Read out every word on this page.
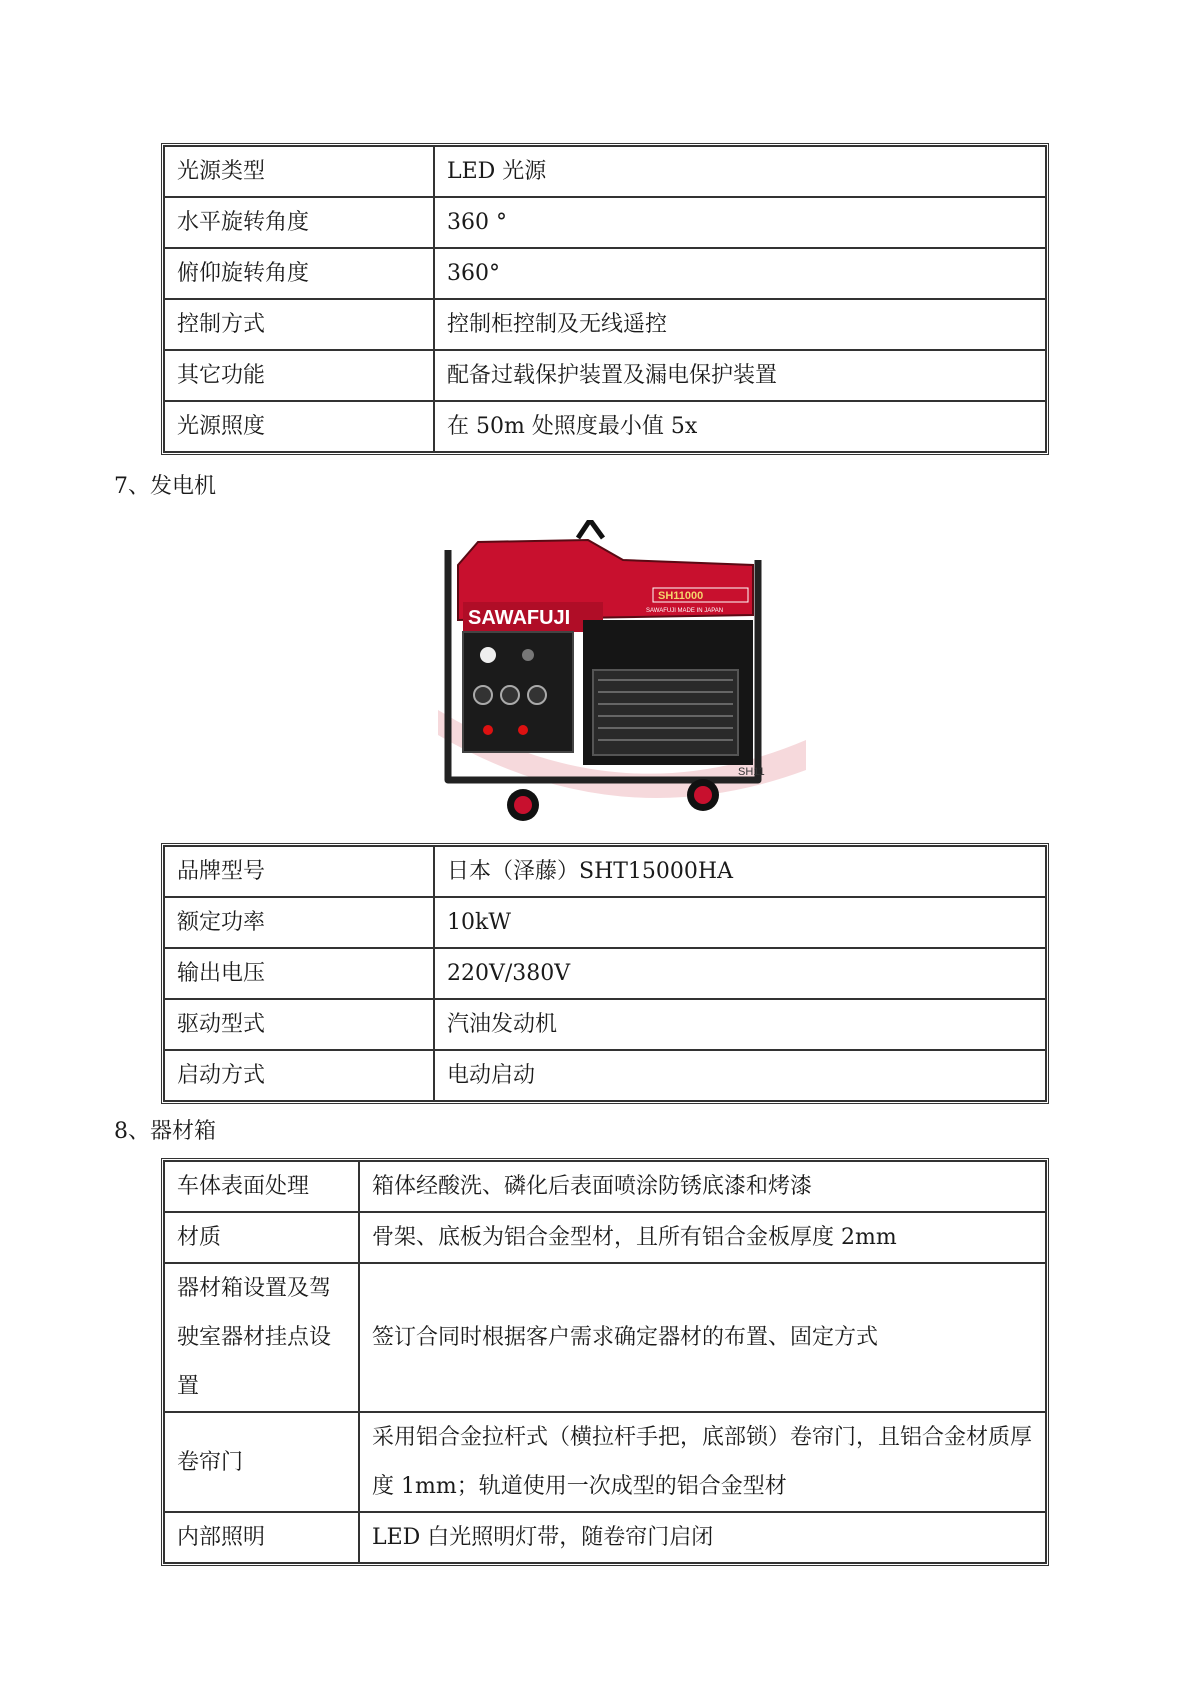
光源类型	LED 光源
水平旋转角度	360 °
俯仰旋转角度	360°
控制方式	控制柜控制及无线遥控
其它功能	配备过载保护装置及漏电保护装置
光源照度	在 50m 处照度最小值 5x
7、发电机
SAWAFUJI
SH11000
SAWAFUJI MADE IN JAPAN
SH11
品牌型号	日本（泽藤）SHT15000HA
额定功率	10kW
输出电压	220V/380V
驱动型式	汽油发动机
启动方式	电动启动
8、器材箱
车体表面处理	箱体经酸洗、磷化后表面喷涂防锈底漆和烤漆
材质	骨架、底板为铝合金型材，且所有铝合金板厚度 2mm
器材箱设置及驾驶室器材挂点设置	签订合同时根据客户需求确定器材的布置、固定方式
卷帘门	采用铝合金拉杆式（横拉杆手把，底部锁）卷帘门，且铝合金材质厚度 1mm；轨道使用一次成型的铝合金型材
内部照明	LED 白光照明灯带，随卷帘门启闭
